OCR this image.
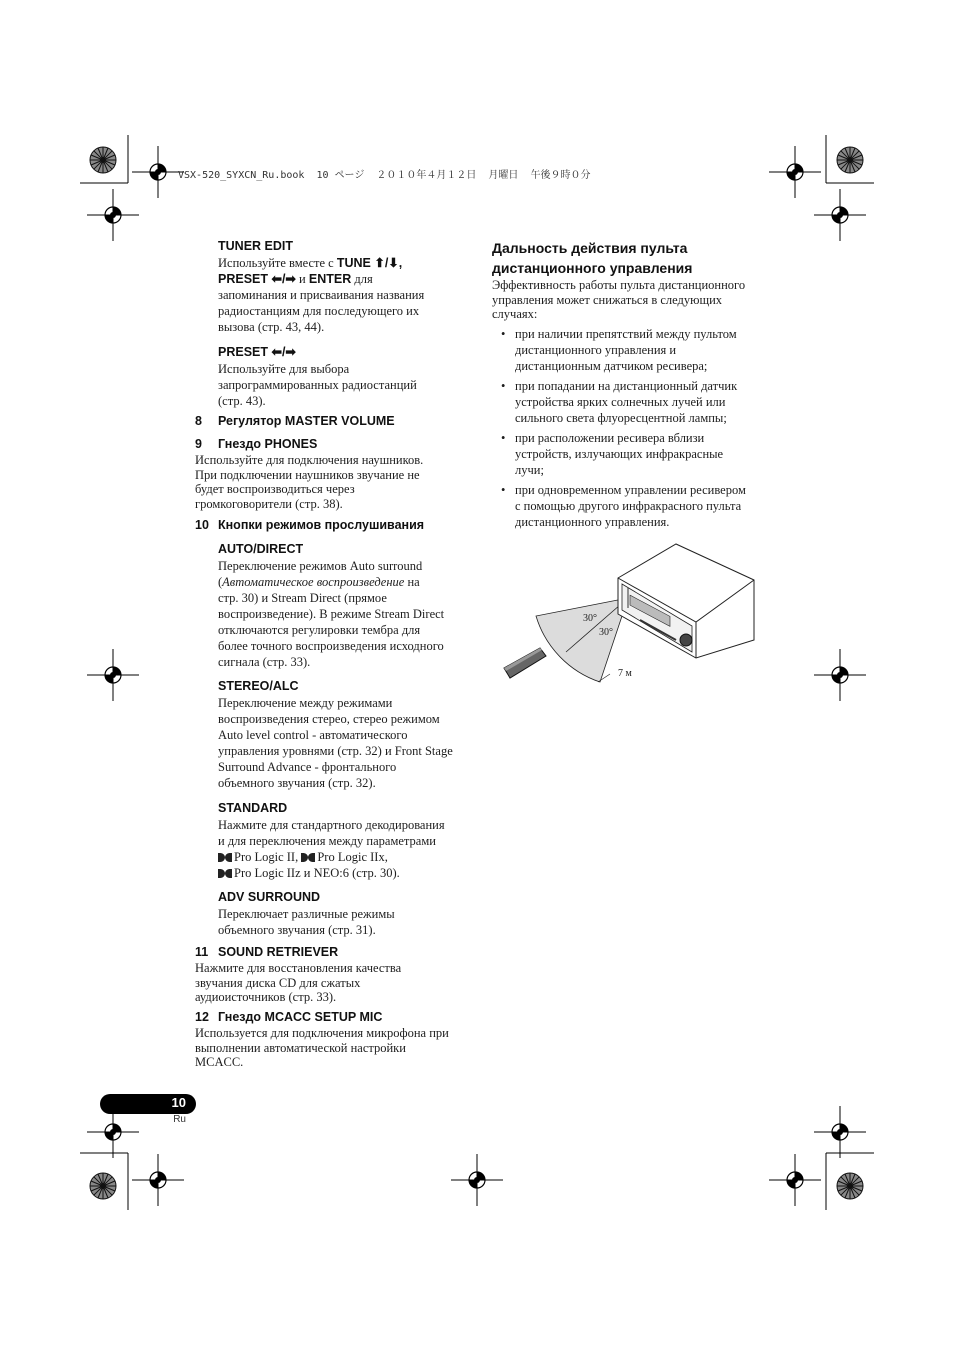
VSX-520_SYXCN_Ru.book  10 ページ  ２０１０年４月１２日  月曜日  午後９時０分
TUNER EDIT
Используйте вместе с TUNE ⬆/⬇,
PRESET ⬅/➡ и ENTER для
запоминания и присваивания названия
радиостанциям для последующего их
вызова (стр. 43, 44).
PRESET ⬅/➡
Используйте для выбора
запрограммированных радиостанций
(стр. 43).
8 Регулятор MASTER VOLUME
9 Гнездо PHONES
Используйте для подключения наушников.
При подключении наушников звучание не
будет воспроизводиться через
громкоговорители (стр. 38).
10 Кнопки режимов прослушивания
AUTO/DIRECT
Переключение режимов Auto surround
(Автоматическое воспроизведение на
стр. 30) и Stream Direct (прямое
воспроизведение). В режиме Stream Direct
отключаются регулировки тембра для
более точного воспроизведения исходного
сигнала (стр. 33).
STEREO/ALC
Переключение между режимами
воспроизведения стерео, стерео режимом
Auto level control - автоматического
управления уровнями (стр. 32) и Front Stage
Surround Advance - фронтального
объемного звучания (стр. 32).
STANDARD
Нажмите для стандартного декодирования
и для переключения между параметрами
Pro Logic II, Pro Logic IIx,
Pro Logic IIz и NEO:6 (стр. 30).
ADV SURROUND
Переключает различные режимы
объемного звучания (стр. 31).
11 SOUND RETRIEVER
Нажмите для восстановления качества
звучания диска CD для сжатых
аудиоисточников (стр. 33).
12 Гнездо MCACC SETUP MIC
Используется для подключения микрофона при
выполнении автоматической настройки
MCACC.
Дальность действия пульта
дистанционного управления
Эффективность работы пульта дистанционного
управления может снижаться в следующих
случаях:
• при наличии препятствий между пультом
дистанционного управления и
дистанционным датчиком ресивера;
• при попадании на дистанционный датчик
устройства ярких солнечных лучей или
сильного света флуоресцентной лампы;
• при расположении ресивера вблизи
устройств, излучающих инфракрасные
лучи;
• при одновременном управлении ресивером
с помощью другого инфракрасного пульта
дистанционного управления.
30°
30°
7 м
10
Ru
